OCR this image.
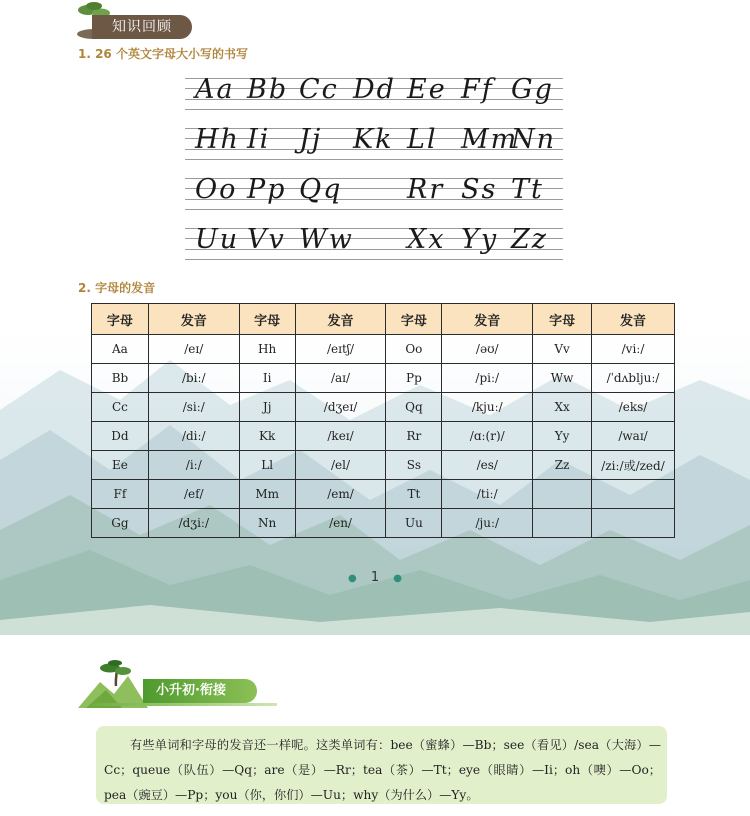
知识回顾
1. 26 个英文字母大小写的书写
Aa Bb Cc Dd Ee Ff Gg
Hh Ii Jj Kk Ll Mm
Nn
Oo Pp Qq Rr Ss Tt
Uu Vv Ww Xx Yy Zz
2. 字母的发音
字母	发音	字母	发音	字母	发音	字母	发音
Aa	/eɪ/	Hh	/eɪtʃ/	Oo	/əʊ/	Vv	/viː/
Bb	/biː/	Ii	/aɪ/	Pp	/piː/	Ww	/ˈdʌbljuː/
Cc	/siː/	Jj	/dʒeɪ/	Qq	/kjuː/	Xx	/eks/
Dd	/diː/	Kk	/keɪ/	Rr	/ɑː(r)/	Yy	/waɪ/
Ee	/iː/	Ll	/el/	Ss	/es/	Zz	/ziː/或/zed/
Ff	/ef/	Mm	/em/	Tt	/tiː/		
Gg	/dʒiː/	Nn	/en/	Uu	/juː/		
● 1 ●
小升初·衔接
有些单词和字母的发音还一样呢。这类单词有：bee（蜜蜂）—Bb；see（看见）/sea（大海）—Cc；queue（队伍）—Qq；are（是）—Rr；tea（茶）—Tt；eye（眼睛）—Ii；oh（噢）—Oo；pea（豌豆）—Pp；you（你，你们）—Uu；why（为什么）—Yy。
